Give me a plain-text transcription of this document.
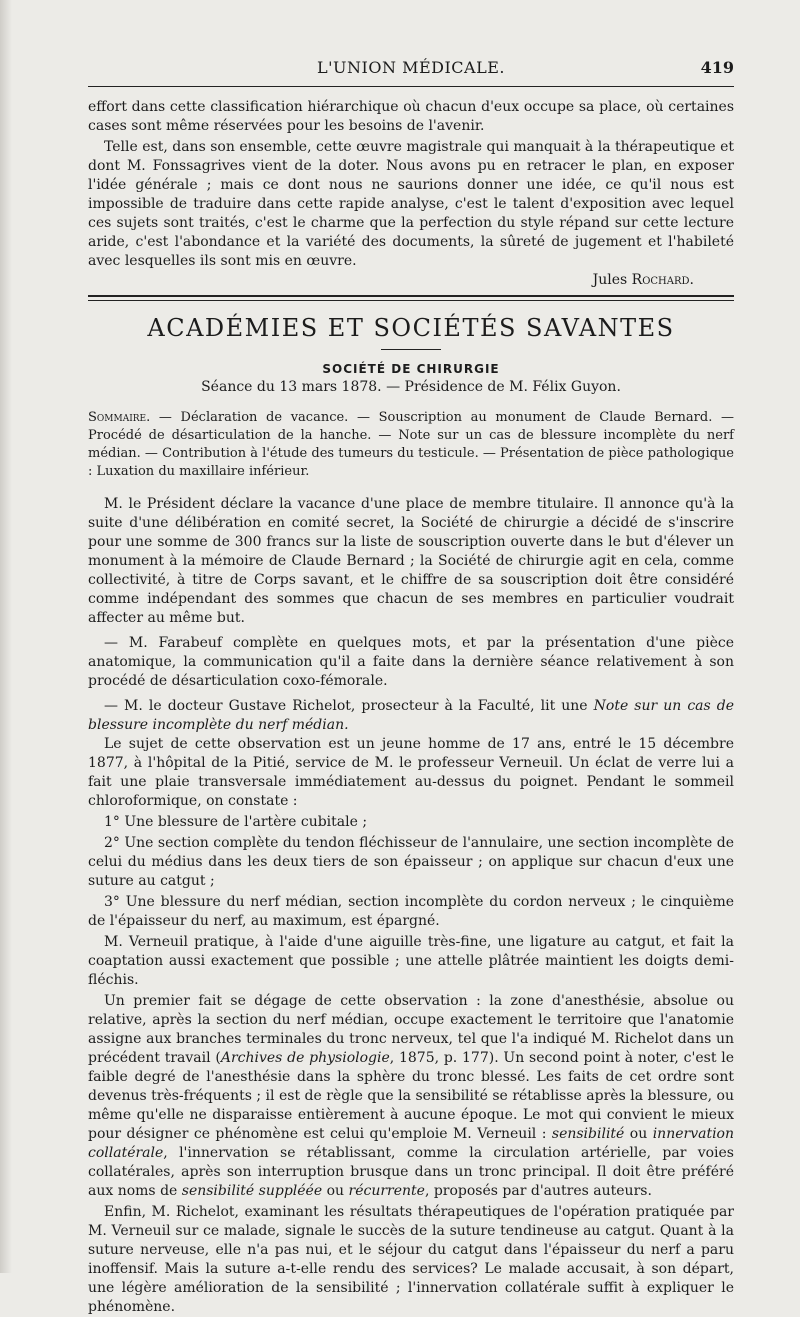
L'UNION MÉDICALE.	419

effort dans cette classification hiérarchique où chacun d'eux occupe sa place, où certaines cases sont même réservées pour les besoins de l'avenir.

Telle est, dans son ensemble, cette œuvre magistrale qui manquait à la thérapeutique et dont M. Fonssagrives vient de la doter. Nous avons pu en retracer le plan, en exposer l'idée générale ; mais ce dont nous ne saurions donner une idée, ce qu'il nous est impossible de traduire dans cette rapide analyse, c'est le talent d'exposition avec lequel ces sujets sont traités, c'est le charme que la perfection du style répand sur cette lecture aride, c'est l'abondance et la variété des documents, la sûreté de jugement et l'habileté avec lesquelles ils sont mis en œuvre.

Jules Rochard.

ACADÉMIES ET SOCIÉTÉS SAVANTES

SOCIÉTÉ DE CHIRURGIE

Séance du 13 mars 1878. — Présidence de M. Félix Guyon.

Sommaire. — Déclaration de vacance. — Souscription au monument de Claude Bernard. — Procédé de désarticulation de la hanche. — Note sur un cas de blessure incomplète du nerf médian. — Contribution à l'étude des tumeurs du testicule. — Présentation de pièce pathologique : Luxation du maxillaire inférieur.

M. le Président déclare la vacance d'une place de membre titulaire. Il annonce qu'à la suite d'une délibération en comité secret, la Société de chirurgie a décidé de s'inscrire pour une somme de 300 francs sur la liste de souscription ouverte dans le but d'élever un monument à la mémoire de Claude Bernard ; la Société de chirurgie agit en cela, comme collectivité, à titre de Corps savant, et le chiffre de sa souscription doit être considéré comme indépendant des sommes que chacun de ses membres en particulier voudrait affecter au même but.

— M. Farabeuf complète en quelques mots, et par la présentation d'une pièce anatomique, la communication qu'il a faite dans la dernière séance relativement à son procédé de désarticulation coxo-fémorale.

— M. le docteur Gustave Richelot, prosecteur à la Faculté, lit une Note sur un cas de blessure incomplète du nerf médian.

Le sujet de cette observation est un jeune homme de 17 ans, entré le 15 décembre 1877, à l'hôpital de la Pitié, service de M. le professeur Verneuil. Un éclat de verre lui a fait une plaie transversale immédiatement au-dessus du poignet. Pendant le sommeil chloroformique, on constate :

1° Une blessure de l'artère cubitale ;

2° Une section complète du tendon fléchisseur de l'annulaire, une section incomplète de celui du médius dans les deux tiers de son épaisseur ; on applique sur chacun d'eux une suture au catgut ;

3° Une blessure du nerf médian, section incomplète du cordon nerveux ; le cinquième de l'épaisseur du nerf, au maximum, est épargné.

M. Verneuil pratique, à l'aide d'une aiguille très-fine, une ligature au catgut, et fait la coaptation aussi exactement que possible ; une attelle plâtrée maintient les doigts demi-fléchis.

Un premier fait se dégage de cette observation : la zone d'anesthésie, absolue ou relative, après la section du nerf médian, occupe exactement le territoire que l'anatomie assigne aux branches terminales du tronc nerveux, tel que l'a indiqué M. Richelot dans un précédent travail (Archives de physiologie, 1875, p. 177). Un second point à noter, c'est le faible degré de l'anesthésie dans la sphère du tronc blessé. Les faits de cet ordre sont devenus très-fréquents ; il est de règle que la sensibilité se rétablisse après la blessure, ou même qu'elle ne disparaisse entièrement à aucune époque. Le mot qui convient le mieux pour désigner ce phénomène est celui qu'emploie M. Verneuil : sensibilité ou innervation collatérale, l'innervation se rétablissant, comme la circulation artérielle, par voies collatérales, après son interruption brusque dans un tronc principal. Il doit être préféré aux noms de sensibilité suppléée ou récurrente, proposés par d'autres auteurs.

Enfin, M. Richelot, examinant les résultats thérapeutiques de l'opération pratiquée par M. Verneuil sur ce malade, signale le succès de la suture tendineuse au catgut. Quant à la suture nerveuse, elle n'a pas nui, et le séjour du catgut dans l'épaisseur du nerf a paru inoffensif. Mais la suture a-t-elle rendu des services? Le malade accusait, à son départ, une légère amélioration de la sensibilité ; l'innervation collatérale suffit à expliquer le phénomène.
